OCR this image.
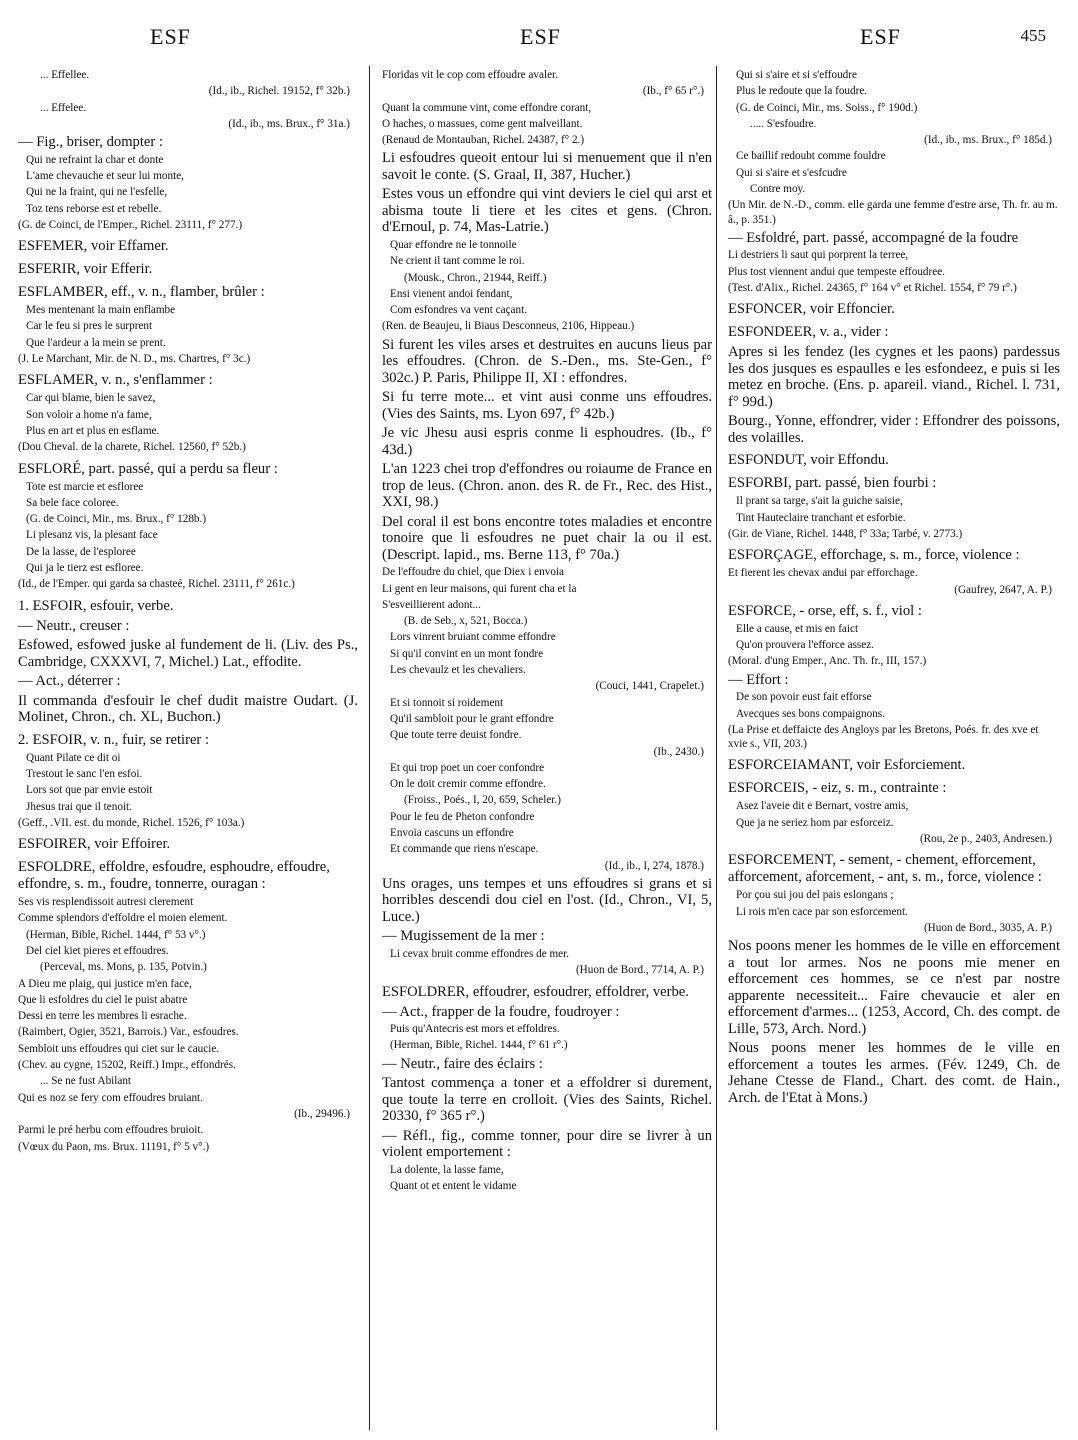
ESF	ESF	ESF	455

... Effellee.

(Id., ib., Richel. 19152, f° 32b.)

... Effelee.

(Id., ib., ms. Brux., f° 31a.)

— Fig., briser, dompter :

Qui ne refraint la char et donte

L'ame chevauche et seur lui monte,

Qui ne la fraint, qui ne l'esfelle,

Toz tens reborse est et rebelle.

(G. de Coinci, de l'Emper., Richel. 23111, f° 277.)

ESFEMER, voir Effamer.

ESFERIR, voir Efferir.

ESFLAMBER, eff., v. n., flamber, brûler :

Mes mentenant la main enflambe

Car le feu si pres le surprent

Que l'ardeur a la mein se prent.

(J. Le Marchant, Mir. de N. D., ms. Chartres, f° 3c.)

ESFLAMER, v. n., s'enflammer :

Car qui blame, bien le savez,

Son voloir a home n'a fame,

Plus en art et plus en esflame.

(Dou Cheval. de la charete, Richel. 12560, f° 52b.)

ESFLORÉ, part. passé, qui a perdu sa fleur :

Tote est marcie et esfloree

Sa bele face coloree.

(G. de Coinci, Mir., ms. Brux., f° 128b.)

Li plesanz vis, la plesant face

De la lasse, de l'esploree

Qui ja le tierz est esfloree.

(Id., de l'Emper. qui garda sa chasteé, Richel. 23111, f° 261c.)

1. ESFOIR, esfouir, verbe.

— Neutr., creuser :

Esfowed, esfowed juske al fundement de li. (Liv. des Ps., Cambridge, CXXXVI, 7, Michel.) Lat., effodite.

— Act., déterrer :

Il commanda d'esfouir le chef dudit maistre Oudart. (J. Molinet, Chron., ch. XL, Buchon.)

2. ESFOIR, v. n., fuir, se retirer :

Quant Pilate ce dit oi

Trestout le sanc l'en esfoi.

Lors sot que par envie estoit

Jhesus trai que il tenoit.

(Geff., .VII. est. du monde, Richel. 1526, f° 103a.)

ESFOIRER, voir Effoirer.

ESFOLDRE, effoldre, esfoudre, esphoudre, effoudre, effondre, s. m., foudre, tonnerre, ouragan :

Ses vis resplendissoit autresi clerement

Comme splendors d'effoldre el moien element.

(Herman, Bible, Richel. 1444, f° 53 v°.)

Del ciel kiet pieres et effoudres.

(Perceval, ms. Mons, p. 135, Potvin.)

A Dieu me plaig, qui justice m'en face,

Que li esfoldres du ciel le puist abatre

Dessi en terre les membres li esrache.

(Raimbert, Ogier, 3521, Barrois.) Var., esfoudres.

Sembloit uns effoudres qui ciet sur le caucie.

(Chev. au cygne, 15202, Reiff.) Impr., effondrés.

... Se ne fust Abilant

Qui es noz se fery com effoudres bruiant.

(Ib., 29496.)

Parmi le pré herbu com effoudres bruioit.

(Vœux du Paon, ms. Brux. 11191, f° 5 v°.)

Floridas vit le cop com effoudre avaler.

(Ib., f° 65 r°.)

Quant la commune vint, come effondre corant,

O haches, o massues, come gent malveillant.

(Renaud de Montauban, Richel. 24387, f° 2.)

Li esfoudres queoit entour lui si menuement que il n'en savoit le conte. (S. Graal, II, 387, Hucher.)

Estes vous un effondre qui vint deviers le ciel qui arst et abisma toute li tiere et les cites et gens. (Chron. d'Ernoul, p. 74, Mas-Latrie.)

Quar effondre ne le tonnoile

Ne crient il tant comme le roi.

(Mousk., Chron., 21944, Reiff.)

Ensi vienent andoi fendant,

Com esfondres va vent caçant.

(Ren. de Beaujeu, li Biaus Desconneus, 2106, Hippeau.)

Si furent les viles arses et destruites en aucuns lieus par les effoudres. (Chron. de S.-Den., ms. Ste-Gen., f° 302c.) P. Paris, Philippe II, XI : effondres.

Si fu terre mote... et vint ausi conme uns effoudres. (Vies des Saints, ms. Lyon 697, f° 42b.)

Je vic Jhesu ausi espris conme li esphoudres. (Ib., f° 43d.)

L'an 1223 chei trop d'effondres ou roiaume de France en trop de leus. (Chron. anon. des R. de Fr., Rec. des Hist., XXI, 98.)

Del coral il est bons encontre totes maladies et encontre tonoire que li esfoudres ne puet chair la ou il est. (Descript. lapid., ms. Berne 113, f° 70a.)

De l'effoudre du chiel, que Diex i envoia

Li gent en leur maisons, qui furent cha et la

S'esveillierent adont...

(B. de Seb., x, 521, Bocca.)

Lors vinrent bruiant comme effondre

Si qu'il convint en un mont fondre

Les chevaulz et les chevaliers.

(Couci, 1441, Crapelet.)

Et si tonnoit si roidement

Qu'il sambloit pour le grant effondre

Que toute terre deuist fondre.

(Ib., 2430.)

Et qui trop poet un coer confondre

On le doit cremir comme effondre.

(Froiss., Poés., I, 20, 659, Scheler.)

Pour le feu de Pheton confondre

Envoia cascuns un effondre

Et commande que riens n'escape.

(Id., ib., I, 274, 1878.)

Uns orages, uns tempes et uns effoudres si grans et si horribles descendi dou ciel en l'ost. (Id., Chron., VI, 5, Luce.)

— Mugissement de la mer :

Li cevax bruit comme effondres de mer.

(Huon de Bord., 7714, A. P.)

ESFOLDRER, effoudrer, esfoudrer, effoldrer, verbe.

— Act., frapper de la foudre, foudroyer :

Puis qu'Antecris est mors et effoldres.

(Herman, Bible, Richel. 1444, f° 61 r°.)

— Neutr., faire des éclairs :

Tantost commença a toner et a effoldrer si durement, que toute la terre en crolloit. (Vies des Saints, Richel. 20330, f° 365 r°.)

— Réfl., fig., comme tonner, pour dire se livrer à un violent emportement :

La dolente, la lasse fame,

Quant ot et entent le vidame

Qui si s'aire et si s'effoudre

Plus le redoute que la foudre.

(G. de Coinci, Mir., ms. Soiss., f° 190d.)

..... S'esfoudre.

(Id., ib., ms. Brux., f° 185d.)

Ce baillif redoubt comme fouldre

Qui si s'aire et s'esfcudre

Contre moy.

(Un Mir. de N.-D., comm. elle garda une femme d'estre arse, Th. fr. au m. â., p. 351.)

— Esfoldré, part. passé, accompagné de la foudre

Li destriers li saut qui porprent la terree,

Plus tost viennent andui que tempeste effoudree.

(Test. d'Alix., Richel. 24365, f° 164 v° et Richel. 1554, f° 79 r°.)

ESFONCER, voir Effoncier.

ESFONDEER, v. a., vider :

Apres si les fendez (les cygnes et les paons) pardessus les dos jusques es espaulles e les esfondeez, e puis si les metez en broche. (Ens. p. apareil. viand., Richel. l. 731, f° 99d.)

Bourg., Yonne, effondrer, vider : Effondrer des poissons, des volailles.

ESFONDUT, voir Effondu.

ESFORBI, part. passé, bien fourbi :

Il prant sa targe, s'ait la guiche saisie,

Tint Hauteclaire tranchant et esforbie.

(Gir. de Viane, Richel. 1448, f° 33a; Tarbé, v. 2773.)

ESFORÇAGE, efforchage, s. m., force, violence :

Et fierent les chevax andui par efforchage.

(Gaufrey, 2647, A. P.)

ESFORCE, - orse, eff, s. f., viol :

Elle a cause, et mis en faict

Qu'on prouvera l'efforce assez.

(Moral. d'ung Emper., Anc. Th. fr., III, 157.)

— Effort :

De son povoir eust fait efforse

Avecques ses bons compaignons.

(La Prise et deffaicte des Angloys par les Bretons, Poés. fr. des xve et xvie s., VII, 203.)

ESFORCEIAMANT, voir Esforciement.

ESFORCEIS, - eiz, s. m., contrainte :

Asez l'aveie dit e Bernart, vostre amis,

Que ja ne seriez hom par esforceiz.

(Rou, 2e p., 2403, Andresen.)

ESFORCEMENT, - sement, - chement, efforcement, afforcement, aforcement, - ant, s. m., force, violence :

Por çou sui jou del pais eslongans ;

Li rois m'en cace par son esforcement.

(Huon de Bord., 3035, A. P.)

Nos poons mener les hommes de le ville en efforcement a tout lor armes. Nos ne poons mie mener en efforcement ces hommes, se ce n'est par nostre apparente necessiteit... Faire chevaucie et aler en efforcement d'armes... (1253, Accord, Ch. des compt. de Lille, 573, Arch. Nord.)

Nous poons mener les hommes de le ville en efforcement a toutes les armes. (Fév. 1249, Ch. de Jehane Ctesse de Fland., Chart. des comt. de Hain., Arch. de l'Etat à Mons.)
